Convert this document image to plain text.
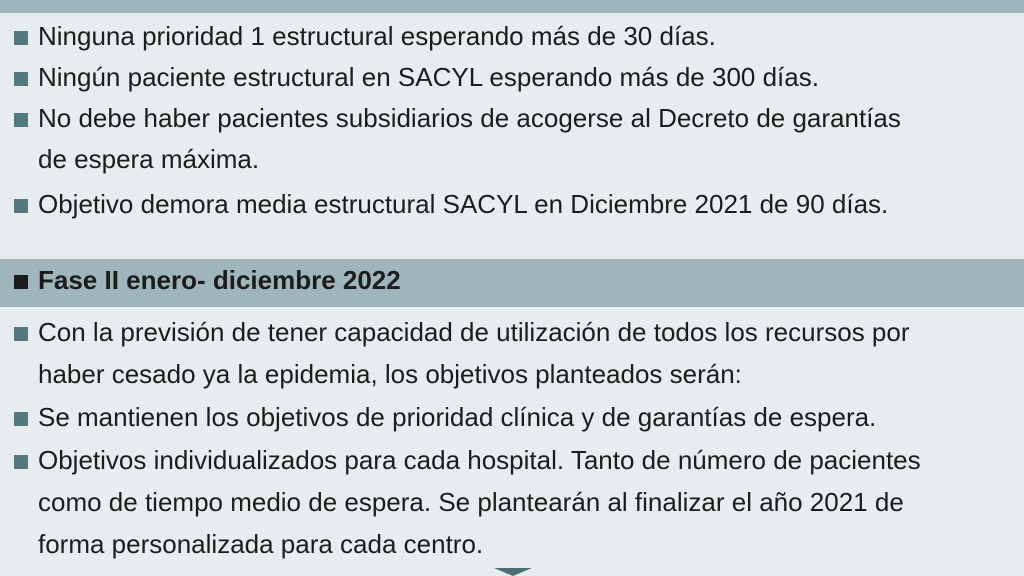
Ninguna prioridad 1 estructural esperando más de 30 días.
Ningún paciente estructural en SACYL esperando más de 300 días.
No debe haber pacientes subsidiarios de acogerse al Decreto de garantías
de espera máxima.
Objetivo demora media estructural SACYL en Diciembre 2021 de 90 días.
Fase II enero- diciembre 2022
Con la previsión de tener capacidad de utilización de todos los recursos por
haber cesado ya la epidemia, los objetivos planteados serán:
Se mantienen los objetivos de prioridad clínica y de garantías de espera.
Objetivos individualizados para cada hospital. Tanto de número de pacientes
como de tiempo medio de espera. Se plantearán al finalizar el año 2021 de
forma personalizada para cada centro.
